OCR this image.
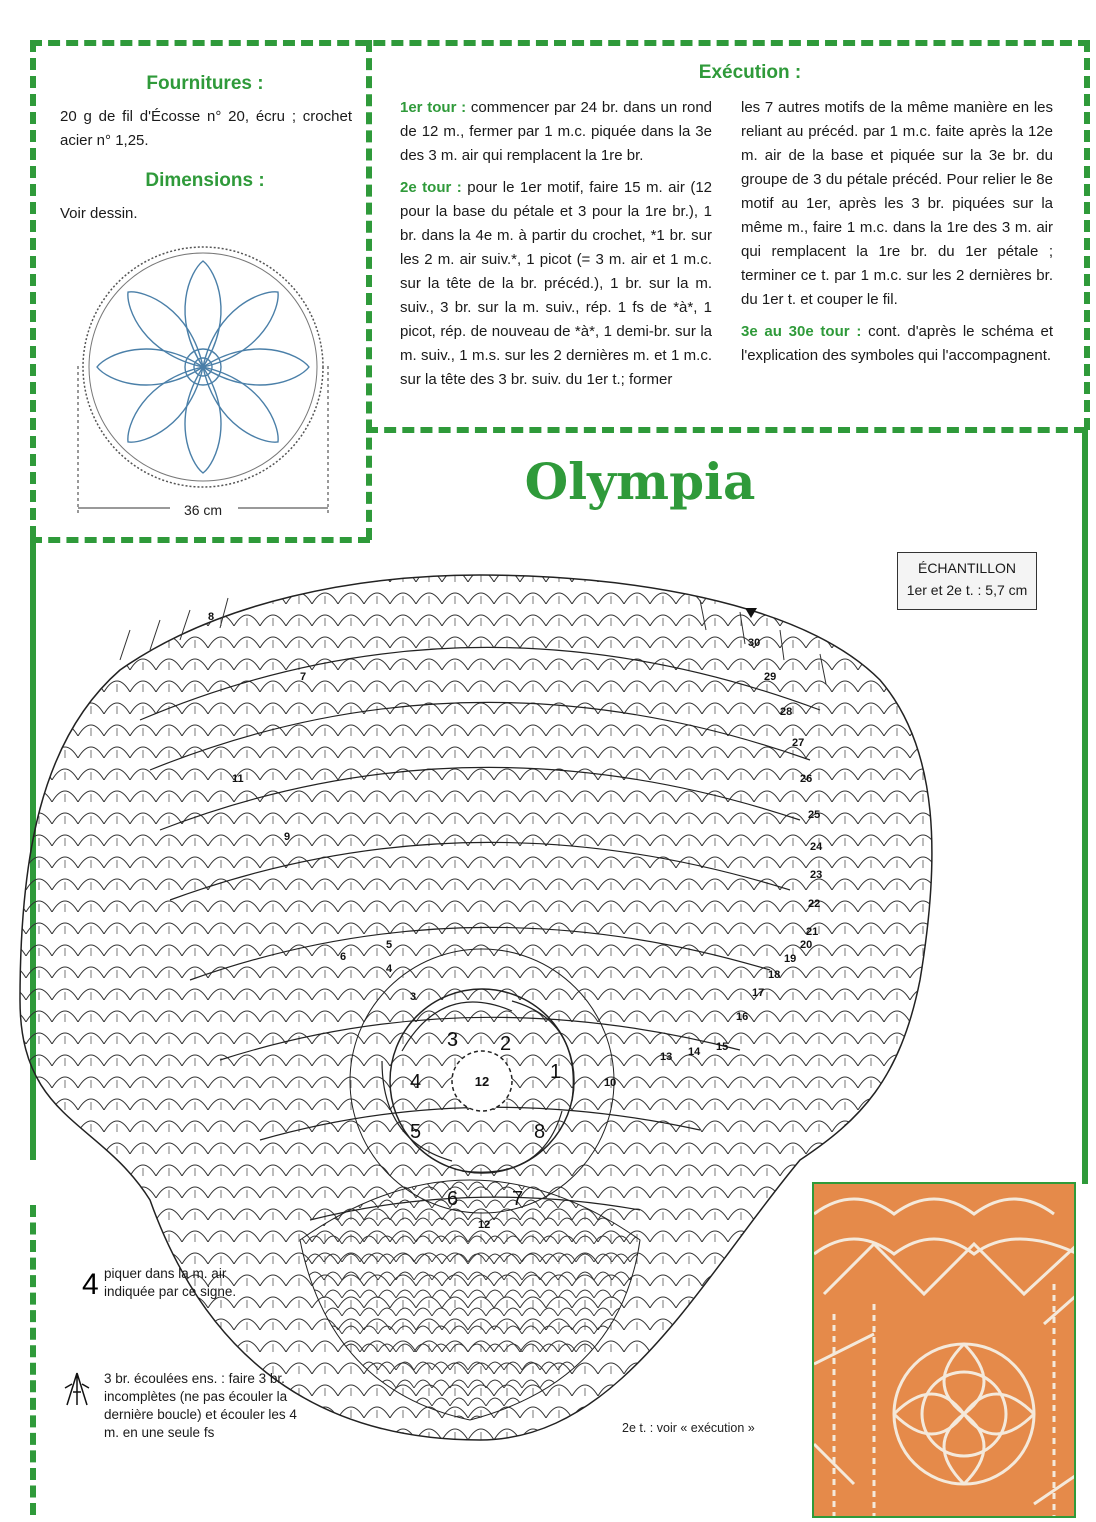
Fournitures :
20 g de fil d'Écosse n° 20, écru ; crochet acier n° 1,25.
Dimensions :
Voir dessin.
36 cm
Exécution :

1er tour : commencer par 24 br. dans un rond de 12 m., fermer par 1 m.c. piquée dans la 3e des 3 m. air qui remplacent la 1re br.

2e tour : pour le 1er motif, faire 15 m. air (12 pour la base du pétale et 3 pour la 1re br.), 1 br. dans la 4e m. à partir du crochet, *1 br. sur les 2 m. air suiv.*, 1 picot (= 3 m. air et 1 m.c. sur la tête de la br. précéd.), 1 br. sur la m. suiv., 3 br. sur la m. suiv., rép. 1 fs de *à*, 1 picot, rép. de nouveau de *à*, 1 demi-br. sur la m. suiv., 1 m.s. sur les 2 dernières m. et 1 m.c. sur la tête des 3 br. suiv. du 1er t.; former

les 7 autres motifs de la même manière en les reliant au précéd. par 1 m.c. faite après la 12e m. air de la base et piquée sur la 3e br. du groupe de 3 du pétale précéd. Pour relier le 8e motif au 1er, après les 3 br. piquées sur la même m., faire 1 m.c. dans la 1re des 3 m. air qui remplacent la 1re br. du 1er pétale ; terminer ce t. par 1 m.c. sur les 2 dernières br. du 1er t. et couper le fil.

3e au 30e tour : cont. d'après le schéma et l'explication des symboles qui l'accompagnent.

Olympia
ÉCHANTILLON
1er et 2e t. : 5,7 cm
12	1
2
3
4
5
6	7
8
30
29
28
27
26
25
24
23
22
21
20
19
18
17
16
15
14
13
12
11
10
9
8
7
6
5
4
3
2e t. : voir « exécution »
4 piquer dans la m. air indiquée par ce signe.
3 br. écoulées ens. : faire 3 br. incomplètes (ne pas écouler la dernière boucle) et écouler les 4 m. en une seule fs
